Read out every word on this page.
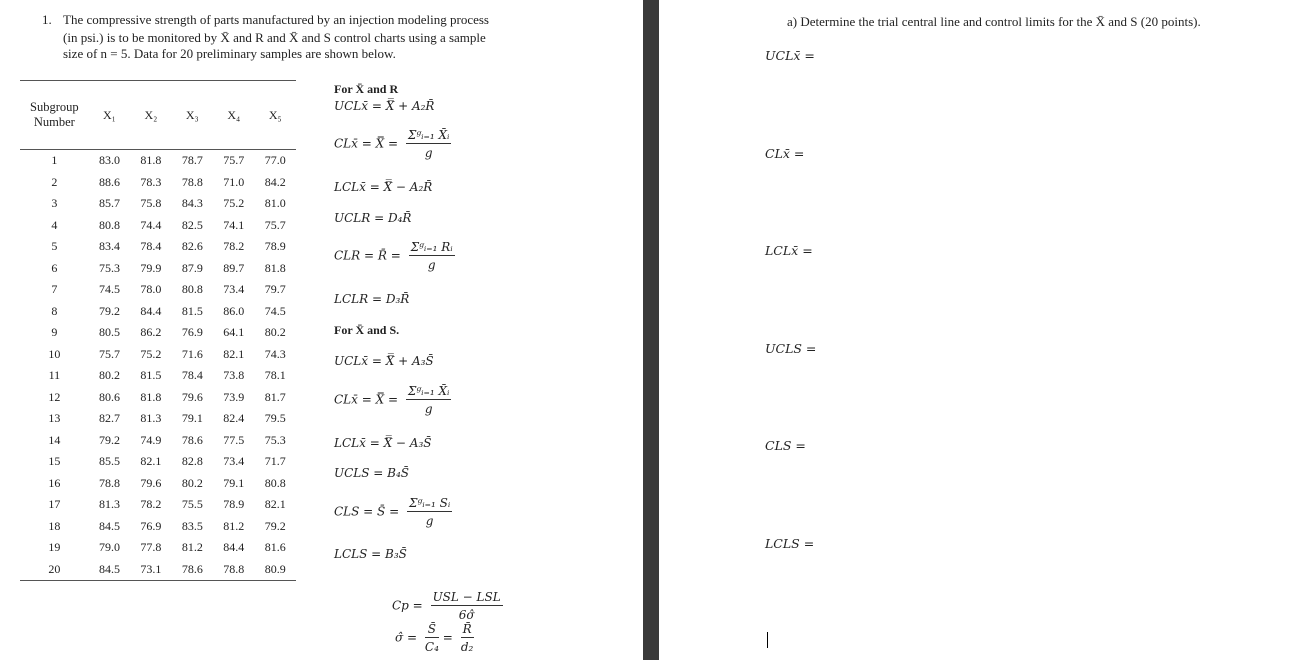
1. The compressive strength of parts manufactured by an injection modeling process
(in psi.) is to be monitored by X̄ and R and X̄ and S control charts using a sample
size of n = 5. Data for 20 preliminary samples are shown below.
Subgroup
Number	X₁	X₂	X₃	X₄	X₅
1	83.0	81.8	78.7	75.7	77.0
2	88.6	78.3	78.8	71.0	84.2
3	85.7	75.8	84.3	75.2	81.0
4	80.8	74.4	82.5	74.1	75.7
5	83.4	78.4	82.6	78.2	78.9
6	75.3	79.9	87.9	89.7	81.8
7	74.5	78.0	80.8	73.4	79.7
8	79.2	84.4	81.5	86.0	74.5
9	80.5	86.2	76.9	64.1	80.2
10	75.7	75.2	71.6	82.1	74.3
11	80.2	81.5	78.4	73.8	78.1
12	80.6	81.8	79.6	73.9	81.7
13	82.7	81.3	79.1	82.4	79.5
14	79.2	74.9	78.6	77.5	75.3
15	85.5	82.1	82.8	73.4	71.7
16	78.8	79.6	80.2	79.1	80.8
17	81.3	78.2	75.5	78.9	82.1
18	84.5	76.9	83.5	81.2	79.2
19	79.0	77.8	81.2	84.4	81.6
20	84.5	73.1	78.6	78.8	80.9
For X̄ and R
UCLx̄ = X̿ + A₂R̄
CLx̄ = X̿ = $\frac{\text{Σᵍᵢ₌₁ X̄ᵢ}}{g}$
LCLx̄ = X̿ − A₂R̄
UCLR = D₄R̄
CLR = R̄ = $\frac{\text{Σᵍᵢ₌₁ Rᵢ}}{g}$
LCLR = D₃R̄
For X̄ and S.
UCLx̄ = X̿ + A₃S̄
CLx̄ = X̿ = $\frac{\text{Σᵍᵢ₌₁ X̄ᵢ}}{g}$
LCLx̄ = X̿ − A₃S̄
UCLS = B₄S̄
CLS = S̄ = $\frac{\text{Σᵍᵢ₌₁ Sᵢ}}{g}$
LCLS = B₃S̄
$Cp = \frac{\text{USL − LSL}}{6\sigmâ}$
σ̂ = $\frac{S̄}{\text{C₄}} = \frac{R̄}{\text{d₂}}$
a) Determine the trial central line and control limits for the X̄ and S (20 points).
UCLx̄ =
CLx̄ =
LCLx̄ =
UCLS =
CLS =
LCLS =
